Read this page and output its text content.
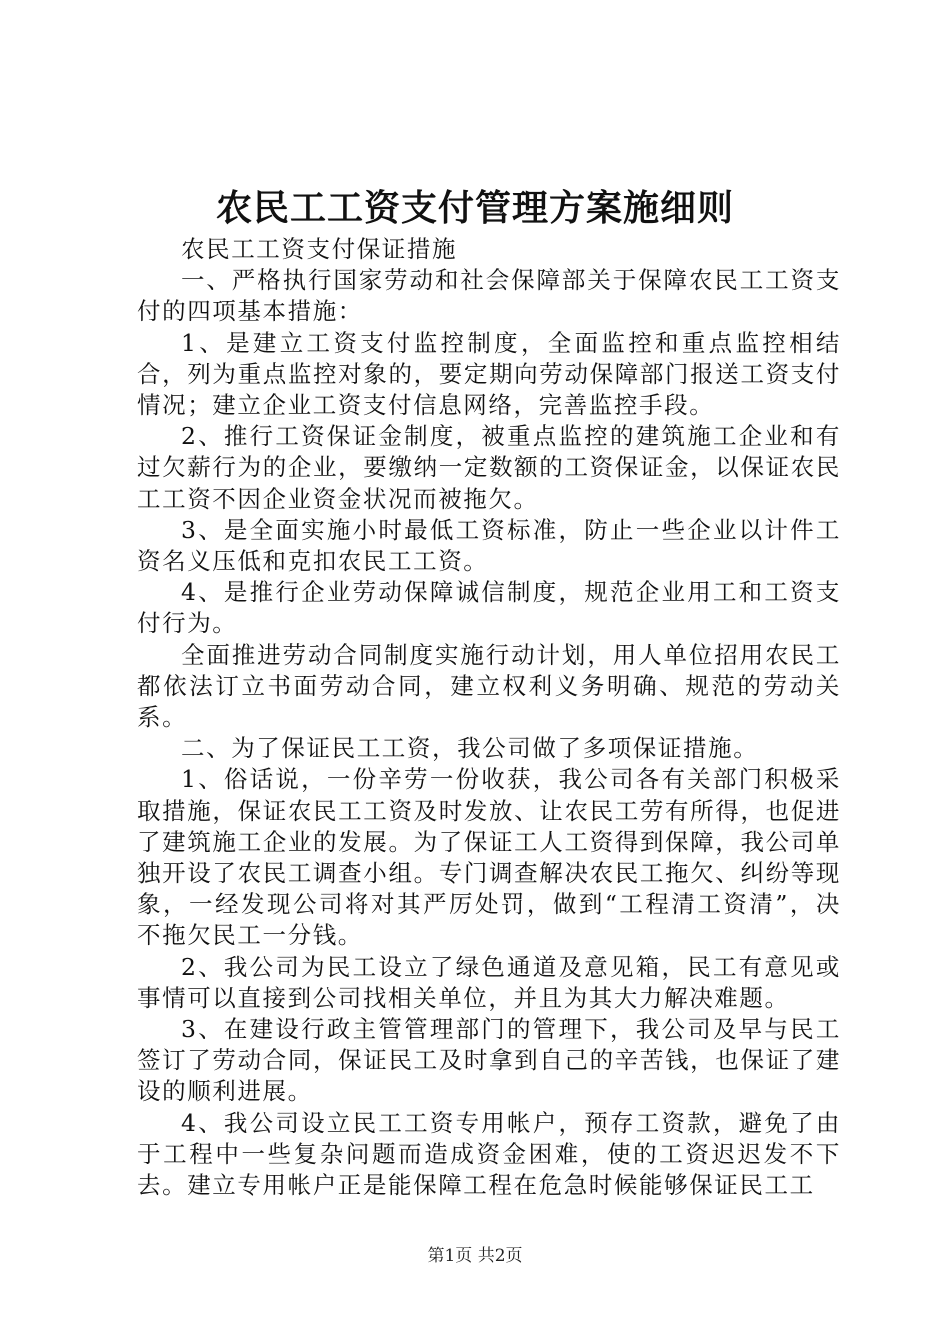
农民工工资支付管理方案施细则

农民工工资支付保证措施

一、严格执行国家劳动和社会保障部关于保障农民工工资支付的四项基本措施：

1、是建立工资支付监控制度，全面监控和重点监控相结合，列为重点监控对象的，要定期向劳动保障部门报送工资支付情况；建立企业工资支付信息网络，完善监控手段。

2、推行工资保证金制度，被重点监控的建筑施工企业和有过欠薪行为的企业，要缴纳一定数额的工资保证金，以保证农民工工资不因企业资金状况而被拖欠。

3、是全面实施小时最低工资标准，防止一些企业以计件工资名义压低和克扣农民工工资。

4、是推行企业劳动保障诚信制度，规范企业用工和工资支付行为。

全面推进劳动合同制度实施行动计划，用人单位招用农民工都依法订立书面劳动合同，建立权利义务明确、规范的劳动关系。

二、为了保证民工工资，我公司做了多项保证措施。

1、俗话说，一份辛劳一份收获，我公司各有关部门积极采取措施，保证农民工工资及时发放、让农民工劳有所得，也促进了建筑施工企业的发展。为了保证工人工资得到保障，我公司单独开设了农民工调查小组。专门调查解决农民工拖欠、纠纷等现象，一经发现公司将对其严厉处罚，做到“工程清工资清”，决不拖欠民工一分钱。

2、我公司为民工设立了绿色通道及意见箱，民工有意见或事情可以直接到公司找相关单位，并且为其大力解决难题。

3、在建设行政主管管理部门的管理下，我公司及早与民工签订了劳动合同，保证民工及时拿到自己的辛苦钱，也保证了建设的顺利进展。

4、我公司设立民工工资专用帐户，预存工资款，避免了由于工程中一些复杂问题而造成资金困难，使的工资迟迟发不下去。建立专用帐户正是能保障工程在危急时候能够保证民工工

第1页 共2页
